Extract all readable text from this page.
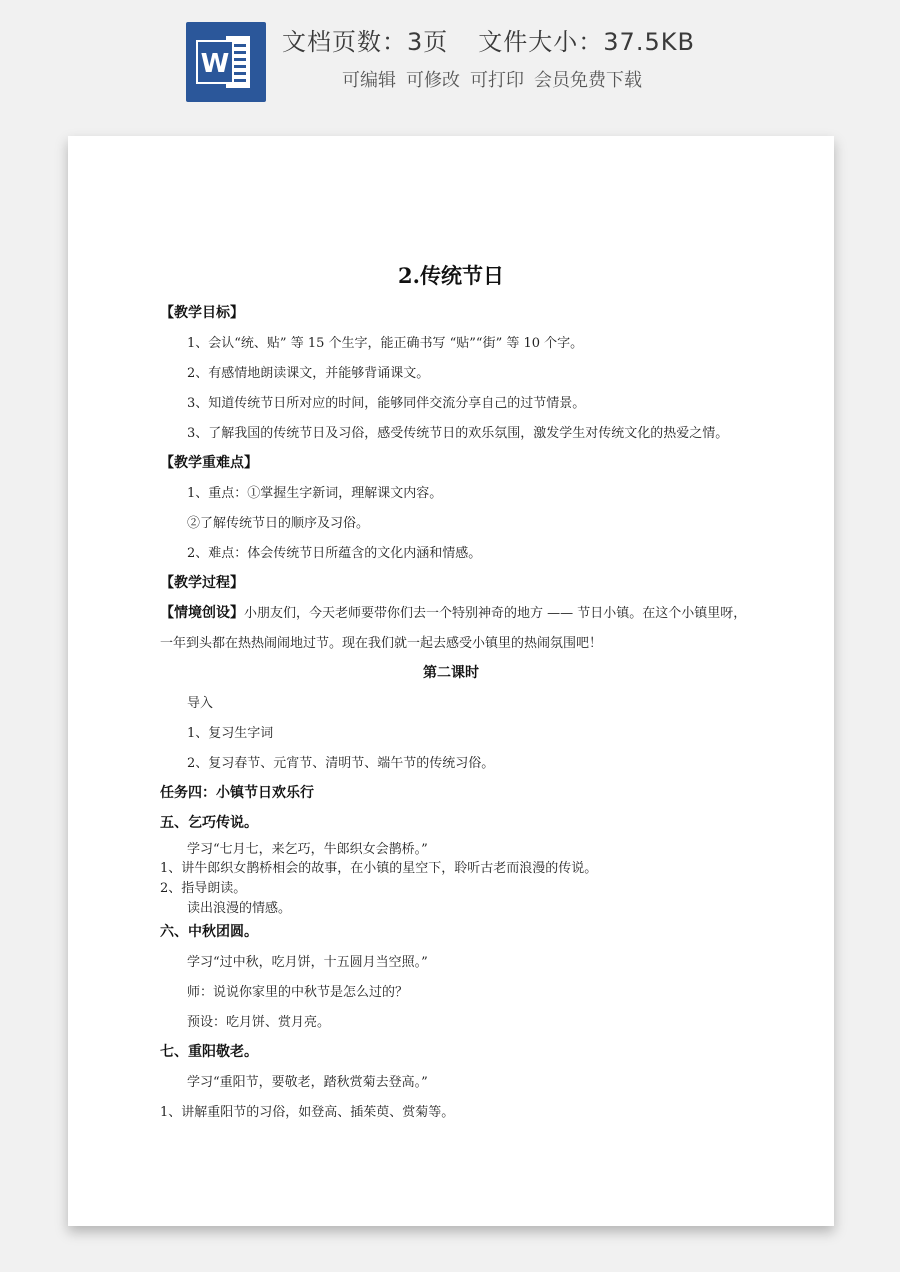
W
文档页数：3页 文件大小：37.5KB
可编辑 可修改 可打印 会员免费下载
2.传统节日
【教学目标】
1、会认“统、贴” 等 15 个生字，能正确书写 “贴”“街” 等 10 个字。
2、有感情地朗读课文，并能够背诵课文。
3、知道传统节日所对应的时间，能够同伴交流分享自己的过节情景。
3、了解我国的传统节日及习俗，感受传统节日的欢乐氛围，激发学生对传统文化的热爱之情。
【教学重难点】
1、重点：①掌握生字新词，理解课文内容。
②了解传统节日的顺序及习俗。
2、难点：体会传统节日所蕴含的文化内涵和情感。
【教学过程】
【情境创设】小朋友们，今天老师要带你们去一个特别神奇的地方 —— 节日小镇。在这个小镇里呀，
一年到头都在热热闹闹地过节。现在我们就一起去感受小镇里的热闹氛围吧！
第二课时
导入
1、复习生字词
2、复习春节、元宵节、清明节、端午节的传统习俗。
任务四：小镇节日欢乐行
五、乞巧传说。
学习“七月七，来乞巧，牛郎织女会鹊桥。”
1、讲牛郎织女鹊桥相会的故事，在小镇的星空下，聆听古老而浪漫的传说。
2、指导朗读。
读出浪漫的情感。
六、中秋团圆。
学习“过中秋，吃月饼，十五圆月当空照。”
师：说说你家里的中秋节是怎么过的？
预设：吃月饼、赏月亮。
七、重阳敬老。
学习“重阳节，要敬老，踏秋赏菊去登高。”
1、讲解重阳节的习俗，如登高、插茱萸、赏菊等。
